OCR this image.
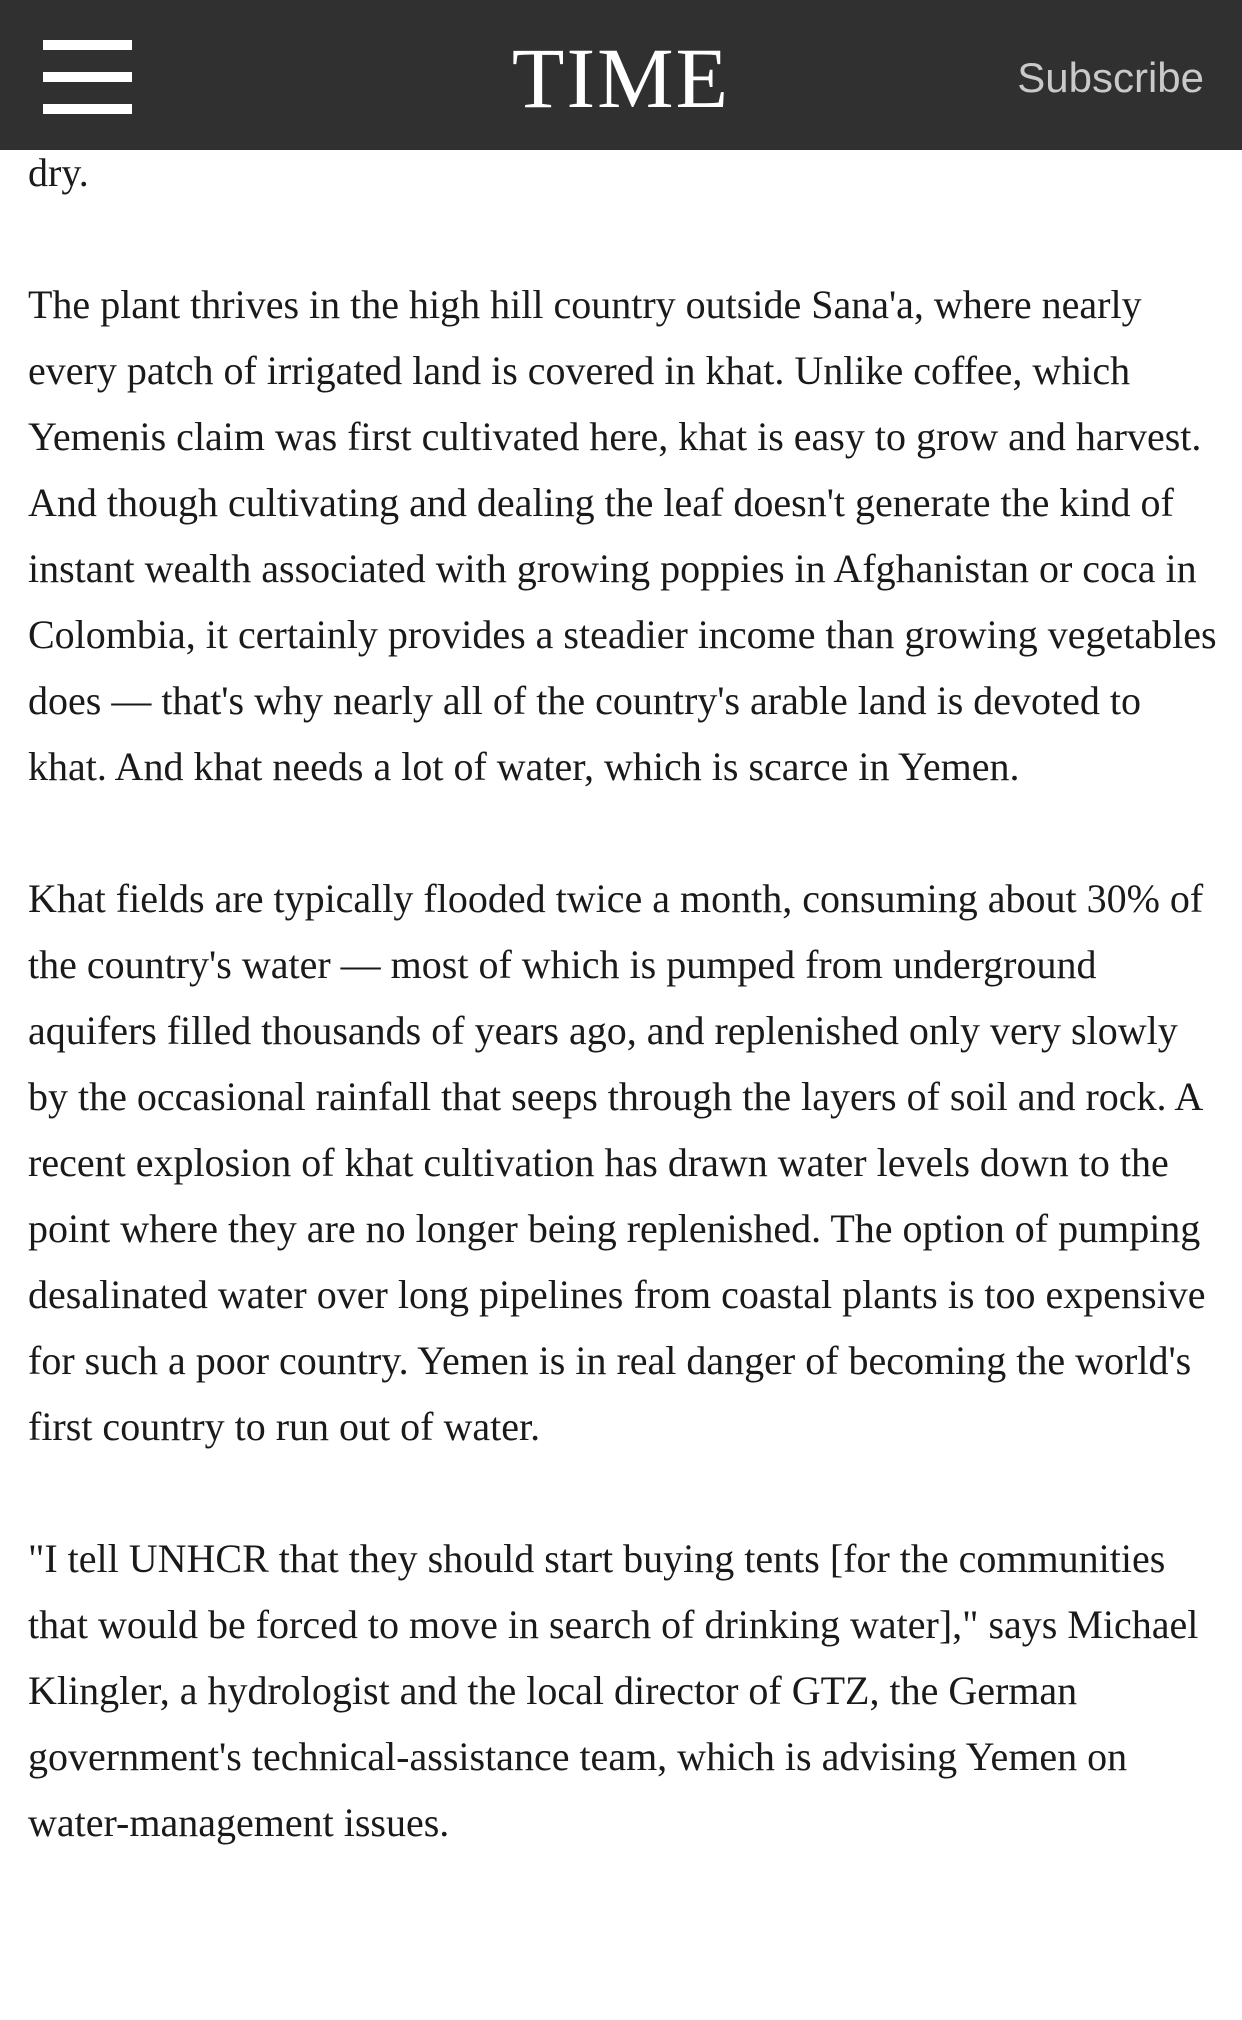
TIME	Subscribe

dry.

The plant thrives in the high hill country outside Sana'a, where nearly every patch of irrigated land is covered in khat. Unlike coffee, which Yemenis claim was first cultivated here, khat is easy to grow and harvest. And though cultivating and dealing the leaf doesn't generate the kind of instant wealth associated with growing poppies in Afghanistan or coca in Colombia, it certainly provides a steadier income than growing vegetables does — that's why nearly all of the country's arable land is devoted to khat. And khat needs a lot of water, which is scarce in Yemen.

Khat fields are typically flooded twice a month, consuming about 30% of the country's water — most of which is pumped from underground aquifers filled thousands of years ago, and replenished only very slowly by the occasional rainfall that seeps through the layers of soil and rock. A recent explosion of khat cultivation has drawn water levels down to the point where they are no longer being replenished. The option of pumping desalinated water over long pipelines from coastal plants is too expensive for such a poor country. Yemen is in real danger of becoming the world's first country to run out of water.

"I tell UNHCR that they should start buying tents [for the communities that would be forced to move in search of drinking water]," says Michael Klingler, a hydrologist and the local director of GTZ, the German government's technical-assistance team, which is advising Yemen on water-management issues.
